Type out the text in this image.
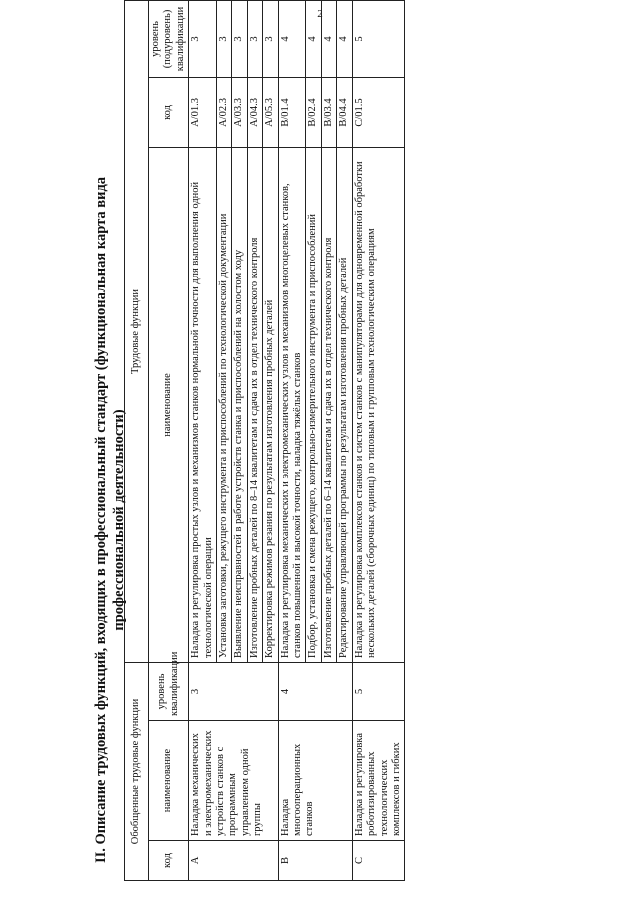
2
II. Описание трудовых функций, входящих в профессиональный стандарт (функциональная карта вида профессиональной деятельности)
Обобщенные трудовые функции			Трудовые функции		
код	наименование	уровень квалификации	наименование	код	уровень (подуровень) квалификации
А	Наладка механических и электромеханических устройств станков с программным управлением одной группы	3	Наладка и регулировка простых узлов и механизмов станков нормальной точности для выполнения одной технологической операции	A/01.3	3
			Установка заготовки, режущего инструмента и приспособлений по технологической документации	A/02.3	3
			Выявление неисправностей в работе устройств станка и приспособлений на холостом ходу	A/03.3	3
			Изготовление пробных деталей по 8–14 квалитетам и сдача их в отдел технического контроля	A/04.3	3
			Корректировка режимов резания по результатам изготовления пробных деталей	A/05.3	3
В	Наладка многооперационных станков	4	Наладка и регулировка механических и электромеханических узлов и механизмов многоцелевых станков, станков повышенной и высокой точности, наладка тяжёлых станков	B/01.4	4
			Подбор, установка и смена режущего, контрольно-измерительного инструмента и приспособлений	B/02.4	4
			Изготовление пробных деталей по 6–14 квалитетам и сдача их в отдел технического контроля	B/03.4	4
			Редактирование управляющей программы по результатам изготовления пробных деталей	B/04.4	4
С	Наладка и регулировка роботизированных технологических комплексов и гибких	5	Наладка и регулировка комплексов станков и систем станков с манипуляторами для одновременной обработки нескольких деталей (сборочных единиц) по типовым и групповым технологическим операциям	C/01.5	5
